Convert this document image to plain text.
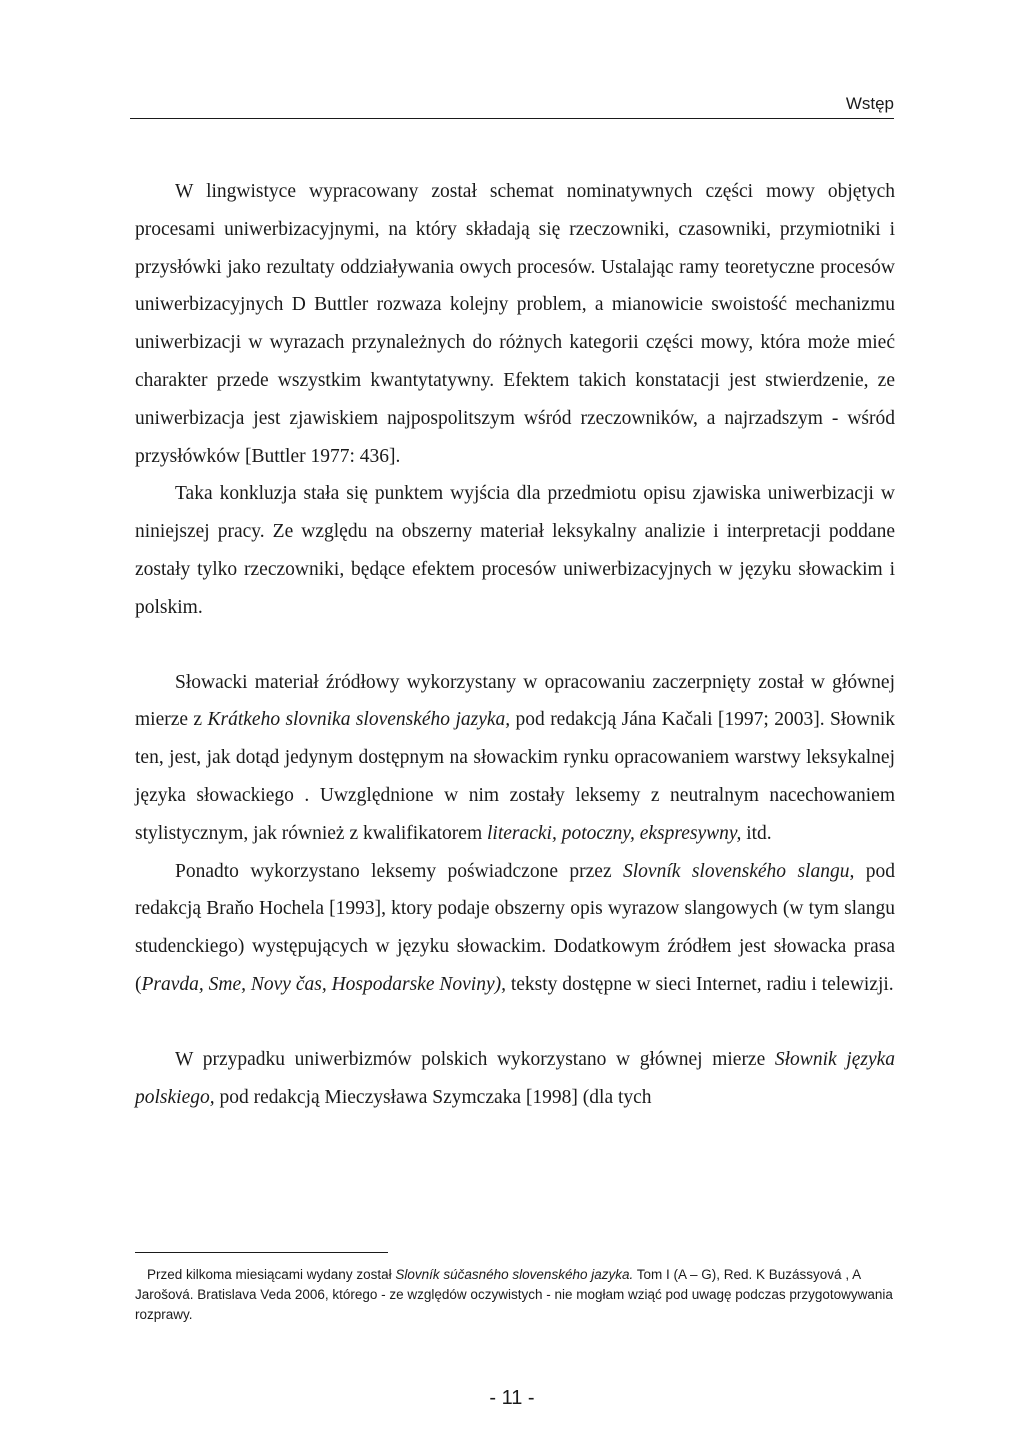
Wstęp

W lingwistyce wypracowany został schemat nominatywnych części mowy objętych procesami uniwerbizacyjnymi, na który składają się rzeczowniki, czasowniki, przymiotniki i przysłówki jako rezultaty oddziaływania owych procesów. Ustalając ramy teoretyczne procesów uniwerbizacyjnych D Buttler rozwaza kolejny problem, a mianowicie swoistość mechanizmu uniwerbizacji w wyrazach przynależnych do różnych kategorii części mowy, która może mieć charakter przede wszystkim kwantytatywny. Efektem takich konstatacji jest stwierdzenie, ze uniwerbizacja jest zjawiskiem najpospolitszym wśród rzeczowników, a najrzadszym - wśród przysłówków [Buttler 1977: 436].

Taka konkluzja stała się punktem wyjścia dla przedmiotu opisu zjawiska uniwerbizacji w niniejszej pracy. Ze względu na obszerny materiał leksykalny analizie i interpretacji poddane zostały tylko rzeczowniki, będące efektem procesów uniwerbizacyjnych w języku słowackim i polskim.

Słowacki materiał źródłowy wykorzystany w opracowaniu zaczerpnięty został w głównej mierze z Krátkeho slovnika slovenského jazyka, pod redakcją Jána Kačali [1997; 2003]. Słownik ten, jest, jak dotąd jedynym dostępnym na słowackim rynku opracowaniem warstwy leksykalnej języka słowackiego . Uwzględnione w nim zostały leksemy z neutralnym nacechowaniem stylistycznym, jak również z kwalifikatorem literacki, potoczny, ekspresywny, itd.

Ponadto wykorzystano leksemy poświadczone przez Slovník slovenského slangu, pod redakcją Braňo Hochela [1993], ktory podaje obszerny opis wyrazow slangowych (w tym slangu studenckiego) występujących w języku słowackim. Dodatkowym źródłem jest słowacka prasa (Pravda, Sme, Novy čas, Hospodarske Noviny), teksty dostępne w sieci Internet, radiu i telewizji.

W przypadku uniwerbizmów polskich wykorzystano w głównej mierze Słownik języka polskiego, pod redakcją Mieczysława Szymczaka [1998] (dla tych

Przed kilkoma miesiącami wydany został Slovník súčasného slovenského jazyka. Tom I (A – G), Red. K Buzássyová , A Jarošová. Bratislava Veda 2006, którego - ze względów oczywistych - nie mogłam wziąć pod uwagę podczas przygotowywania rozprawy.

- 11 -
